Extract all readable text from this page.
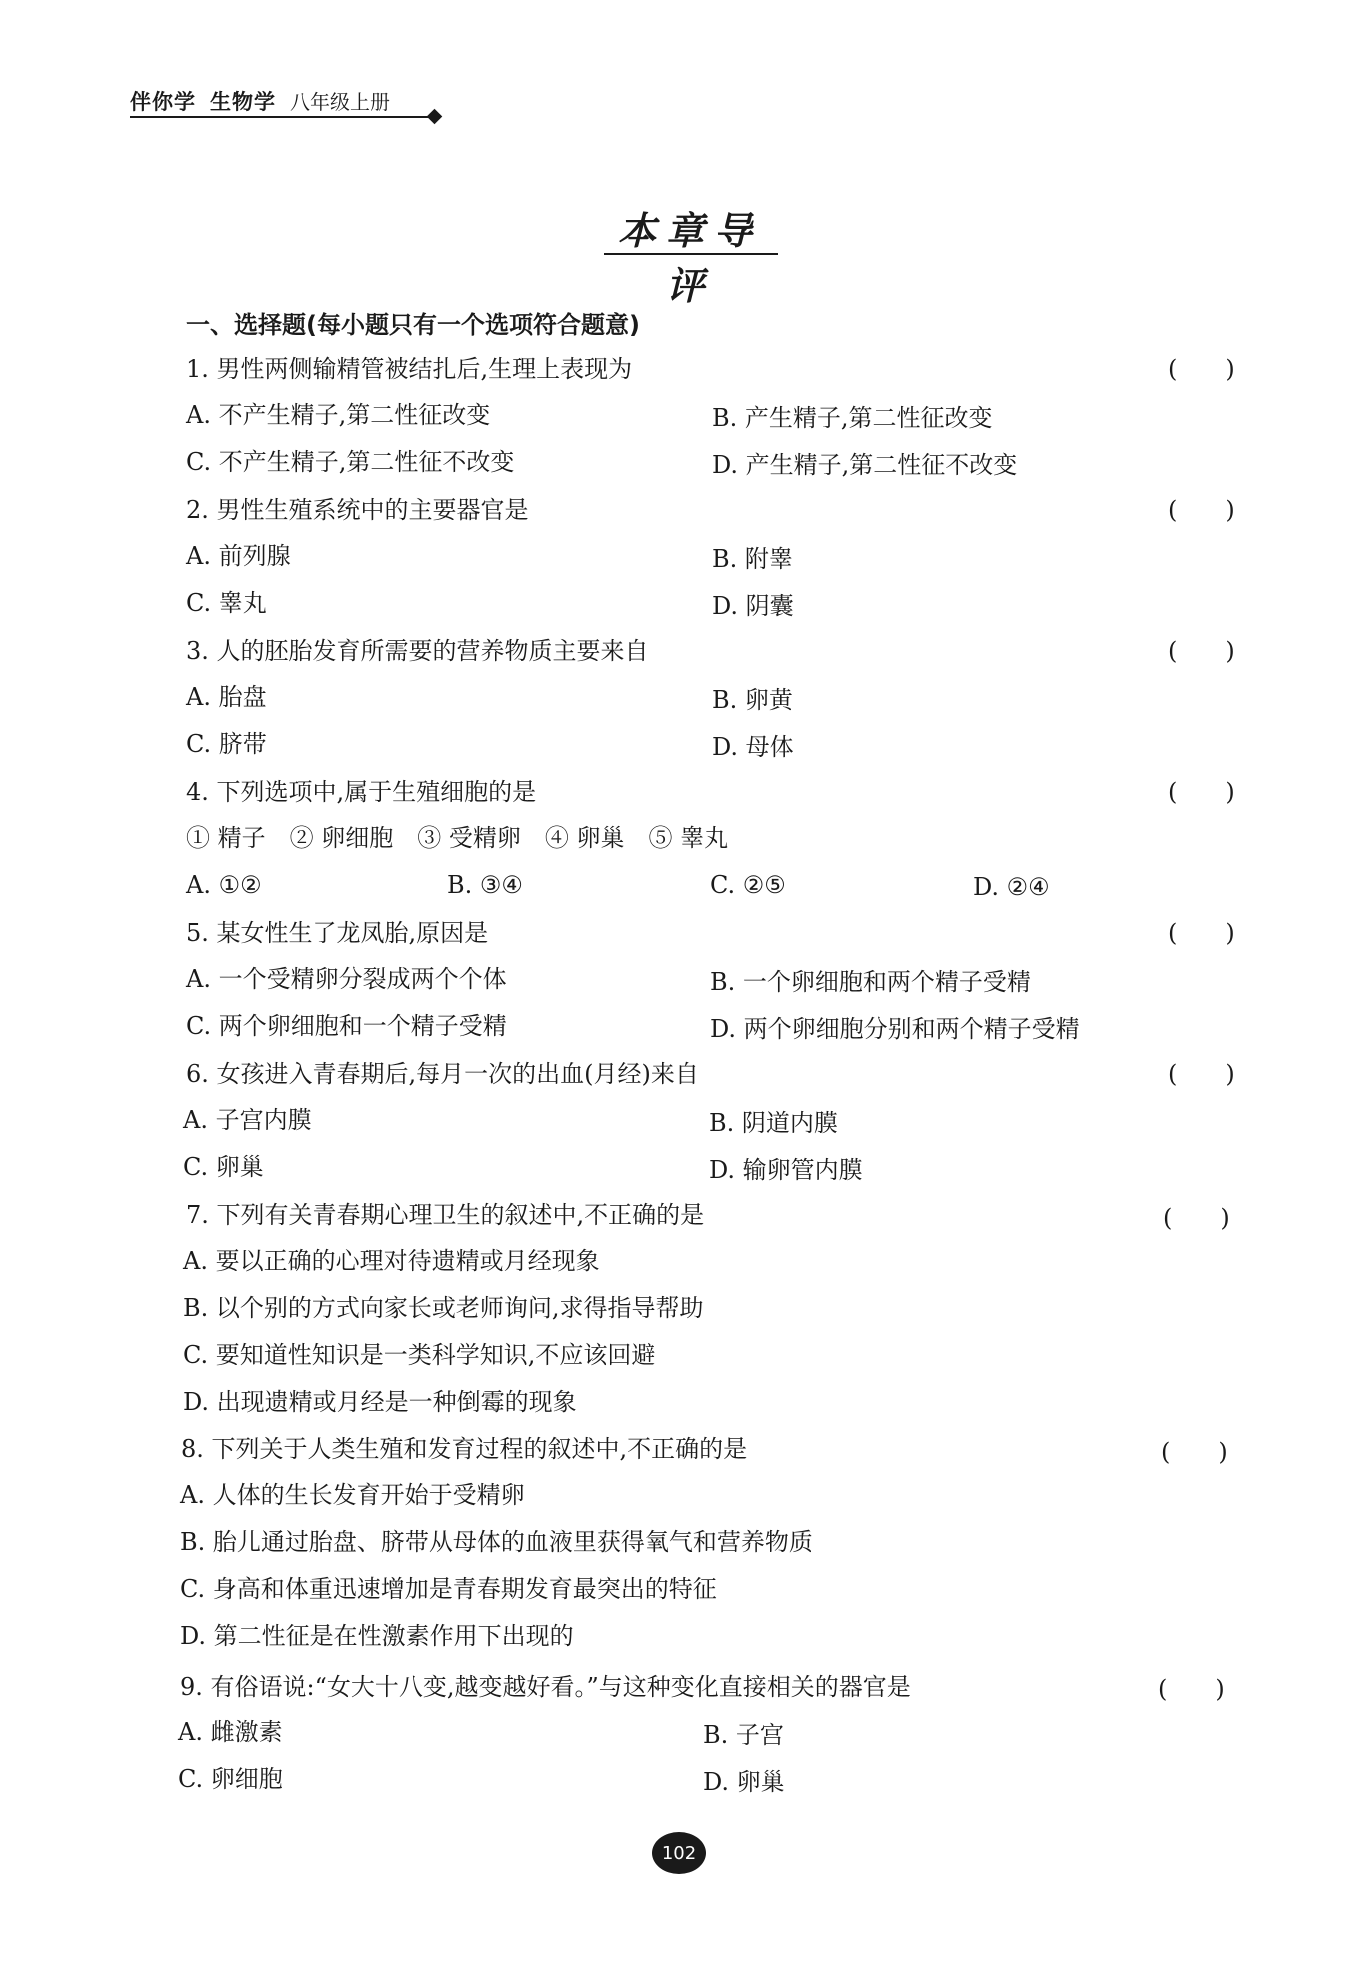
伴你学 生物学 八年级上册
本章导评
一、选择题(每小题只有一个选项符合题意)
1. 男性两侧输精管被结扎后,生理上表现为	(　　)
A. 不产生精子,第二性征改变	B. 产生精子,第二性征改变
C. 不产生精子,第二性征不改变	D. 产生精子,第二性征不改变
2. 男性生殖系统中的主要器官是	(　　)
A. 前列腺	B. 附睾
C. 睾丸	D. 阴囊
3. 人的胚胎发育所需要的营养物质主要来自	(　　)
A. 胎盘	B. 卵黄
C. 脐带	D. 母体
4. 下列选项中,属于生殖细胞的是	(　　)
① 精子　② 卵细胞　③ 受精卵　④ 卵巢　⑤ 睾丸
A. ①②	B. ③④	C. ②⑤	D. ②④
5. 某女性生了龙凤胎,原因是	(　　)
A. 一个受精卵分裂成两个个体	B. 一个卵细胞和两个精子受精
C. 两个卵细胞和一个精子受精	D. 两个卵细胞分别和两个精子受精
6. 女孩进入青春期后,每月一次的出血(月经)来自	(　　)
A. 子宫内膜	B. 阴道内膜
C. 卵巢	D. 输卵管内膜
7. 下列有关青春期心理卫生的叙述中,不正确的是	(　　)
A. 要以正确的心理对待遗精或月经现象
B. 以个别的方式向家长或老师询问,求得指导帮助
C. 要知道性知识是一类科学知识,不应该回避
D. 出现遗精或月经是一种倒霉的现象
8. 下列关于人类生殖和发育过程的叙述中,不正确的是	(　　)
A. 人体的生长发育开始于受精卵
B. 胎儿通过胎盘、脐带从母体的血液里获得氧气和营养物质
C. 身高和体重迅速增加是青春期发育最突出的特征
D. 第二性征是在性激素作用下出现的
9. 有俗语说:“女大十八变,越变越好看。”与这种变化直接相关的器官是	(　　)
A. 雌激素	B. 子宫
C. 卵细胞	D. 卵巢
102
